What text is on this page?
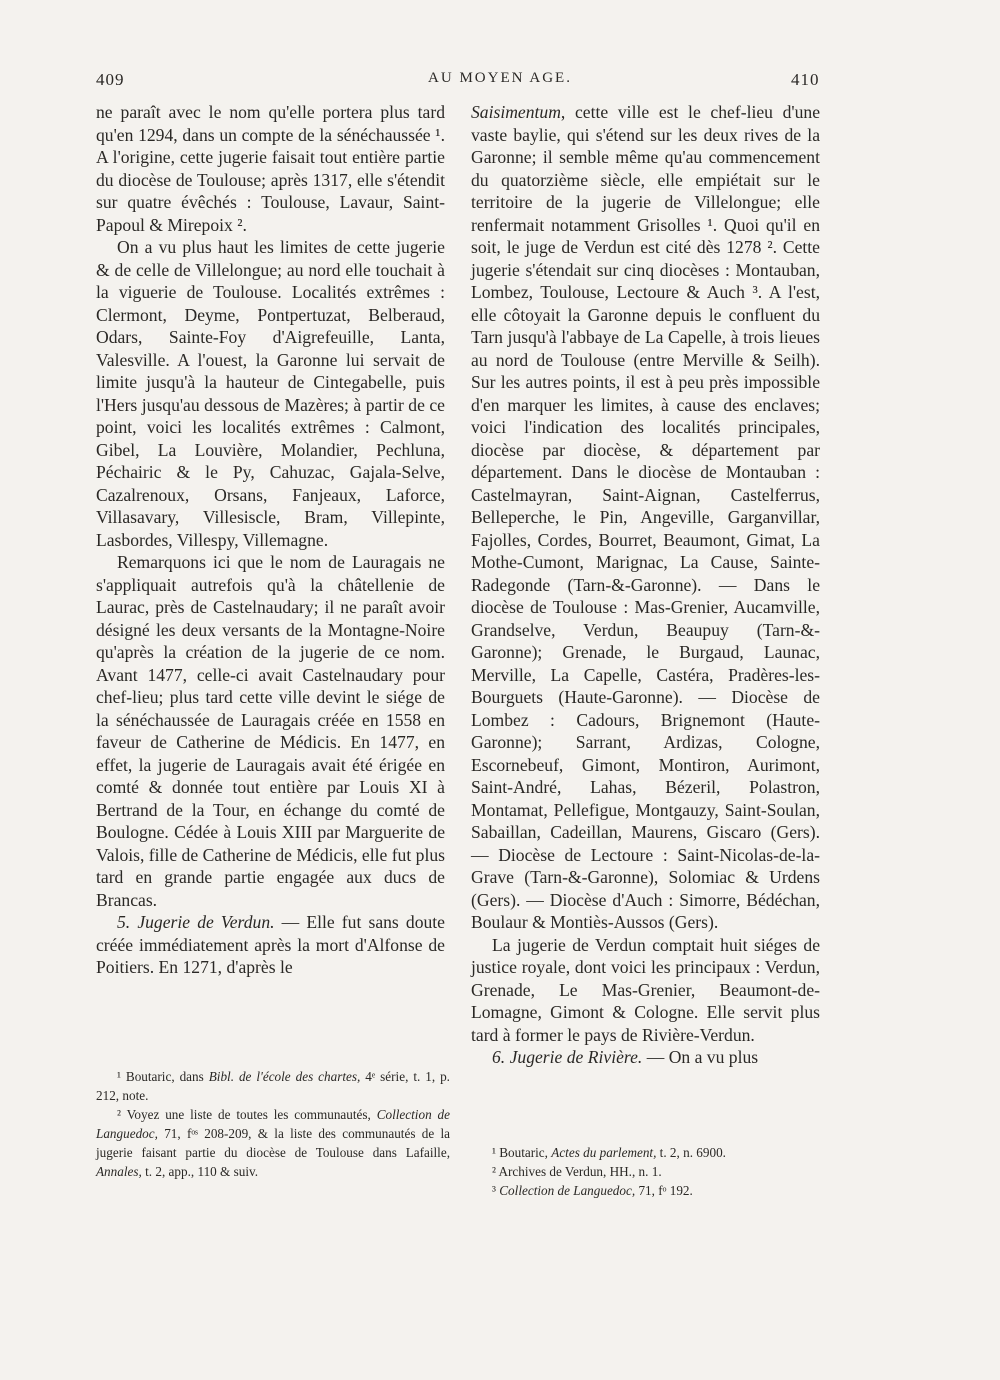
409	AU MOYEN AGE.	410

ne paraît avec le nom qu'elle portera plus tard qu'en 1294, dans un compte de la sénéchaussée ¹. A l'origine, cette jugerie faisait tout entière partie du diocèse de Toulouse; après 1317, elle s'étendit sur quatre évêchés : Toulouse, Lavaur, Saint-Papoul & Mirepoix ².

On a vu plus haut les limites de cette jugerie & de celle de Villelongue; au nord elle touchait à la viguerie de Toulouse. Localités extrêmes : Clermont, Deyme, Pontpertuzat, Belberaud, Odars, Sainte-Foy d'Aigrefeuille, Lanta, Valesville. A l'ouest, la Garonne lui servait de limite jusqu'à la hauteur de Cintegabelle, puis l'Hers jusqu'au dessous de Mazères; à partir de ce point, voici les localités extrêmes : Calmont, Gibel, La Louvière, Molandier, Pechluna, Péchairic & le Py, Cahuzac, Gajala-Selve, Cazalrenoux, Orsans, Fanjeaux, Laforce, Villasavary, Villesiscle, Bram, Villepinte, Lasbordes, Villespy, Villemagne.

Remarquons ici que le nom de Lauragais ne s'appliquait autrefois qu'à la châtellenie de Laurac, près de Castelnaudary; il ne paraît avoir désigné les deux versants de la Montagne-Noire qu'après la création de la jugerie de ce nom. Avant 1477, celle-ci avait Castelnaudary pour chef-lieu; plus tard cette ville devint le siége de la sénéchaussée de Lauragais créée en 1558 en faveur de Catherine de Médicis. En 1477, en effet, la jugerie de Lauragais avait été érigée en comté & donnée tout entière par Louis XI à Bertrand de la Tour, en échange du comté de Boulogne. Cédée à Louis XIII par Marguerite de Valois, fille de Catherine de Médicis, elle fut plus tard en grande partie engagée aux ducs de Brancas.

5. Jugerie de Verdun. — Elle fut sans doute créée immédiatement après la mort d'Alfonse de Poitiers. En 1271, d'après le

Saisimentum, cette ville est le chef-lieu d'une vaste baylie, qui s'étend sur les deux rives de la Garonne; il semble même qu'au commencement du quatorzième siècle, elle empiétait sur le territoire de la jugerie de Villelongue; elle renfermait notamment Grisolles ¹. Quoi qu'il en soit, le juge de Verdun est cité dès 1278 ². Cette jugerie s'étendait sur cinq diocèses : Montauban, Lombez, Toulouse, Lectoure & Auch ³. A l'est, elle côtoyait la Garonne depuis le confluent du Tarn jusqu'à l'abbaye de La Capelle, à trois lieues au nord de Toulouse (entre Merville & Seilh). Sur les autres points, il est à peu près impossible d'en marquer les limites, à cause des enclaves; voici l'indication des localités principales, diocèse par diocèse, & département par département. Dans le diocèse de Montauban : Castelmayran, Saint-Aignan, Castelferrus, Belleperche, le Pin, Angeville, Garganvillar, Fajolles, Cordes, Bourret, Beaumont, Gimat, La Mothe-Cumont, Marignac, La Cause, Sainte-Radegonde (Tarn-&-Garonne). — Dans le diocèse de Toulouse : Mas-Grenier, Aucamville, Grandselve, Verdun, Beaupuy (Tarn-&-Garonne); Grenade, le Burgaud, Launac, Merville, La Capelle, Castéra, Pradères-les-Bourguets (Haute-Garonne). — Diocèse de Lombez : Cadours, Brignemont (Haute-Garonne); Sarrant, Ardizas, Cologne, Escornebeuf, Gimont, Montiron, Aurimont, Saint-André, Lahas, Bézeril, Polastron, Montamat, Pellefigue, Montgauzy, Saint-Soulan, Sabaillan, Cadeillan, Maurens, Giscaro (Gers). — Diocèse de Lectoure : Saint-Nicolas-de-la-Grave (Tarn-&-Garonne), Solomiac & Urdens (Gers). — Diocèse d'Auch : Simorre, Bédéchan, Boulaur & Montiès-Aussos (Gers).

La jugerie de Verdun comptait huit siéges de justice royale, dont voici les principaux : Verdun, Grenade, Le Mas-Grenier, Beaumont-de-Lomagne, Gimont & Cologne. Elle servit plus tard à former le pays de Rivière-Verdun.

6. Jugerie de Rivière. — On a vu plus

¹ Boutaric, dans Bibl. de l'école des chartes, 4ᵉ série, t. 1, p. 212, note.

² Voyez une liste de toutes les communautés, Collection de Languedoc, 71, fᵒˢ 208-209, & la liste des communautés de la jugerie faisant partie du diocèse de Toulouse dans Lafaille, Annales, t. 2, app., 110 & suiv.

¹ Boutaric, Actes du parlement, t. 2, n. 6900.

² Archives de Verdun, HH., n. 1.

³ Collection de Languedoc, 71, fᵒ 192.
